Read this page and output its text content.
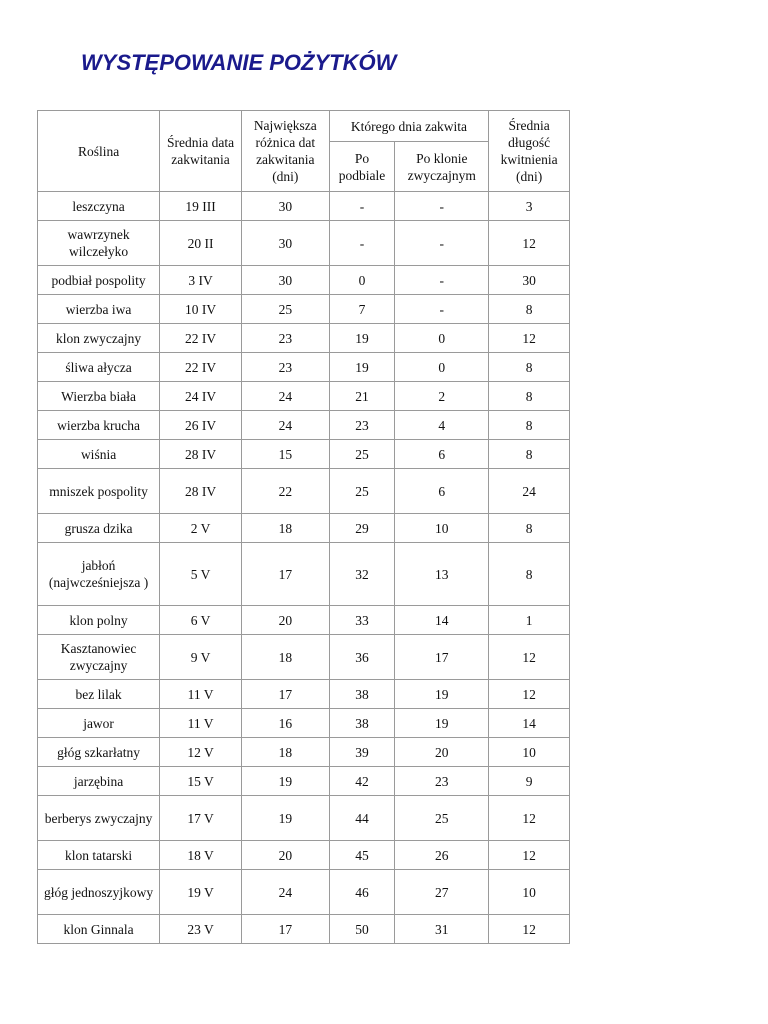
WYSTĘPOWANIE POŻYTKÓW
Roślina	Średnia data zakwitania	Największa różnica dat zakwitania (dni)	Którego dnia zakwita		Średnia długość kwitnienia (dni)
			Po podbiale	Po klonie zwyczajnym	
leszczyna	19 III	30	-	-	3
wawrzynek wilczełyko	20 II	30	-	-	12
podbiał pospolity	3 IV	30	0	-	30
wierzba iwa	10 IV	25	7	-	8
klon zwyczajny	22 IV	23	19	0	12
śliwa ałycza	22 IV	23	19	0	8
Wierzba biała	24 IV	24	21	2	8
wierzba krucha	26 IV	24	23	4	8
wiśnia	28 IV	15	25	6	8
mniszek pospolity	28 IV	22	25	6	24
grusza dzika	2 V	18	29	10	8
jabłoń (najwcześniejsza )	5 V	17	32	13	8
klon polny	6 V	20	33	14	1
Kasztanowiec zwyczajny	9 V	18	36	17	12
bez lilak	11 V	17	38	19	12
jawor	11 V	16	38	19	14
głóg szkarłatny	12 V	18	39	20	10
jarzębina	15 V	19	42	23	9
berberys zwyczajny	17 V	19	44	25	12
klon tatarski	18 V	20	45	26	12
głóg jednoszyjkowy	19 V	24	46	27	10
klon Ginnala	23 V	17	50	31	12
